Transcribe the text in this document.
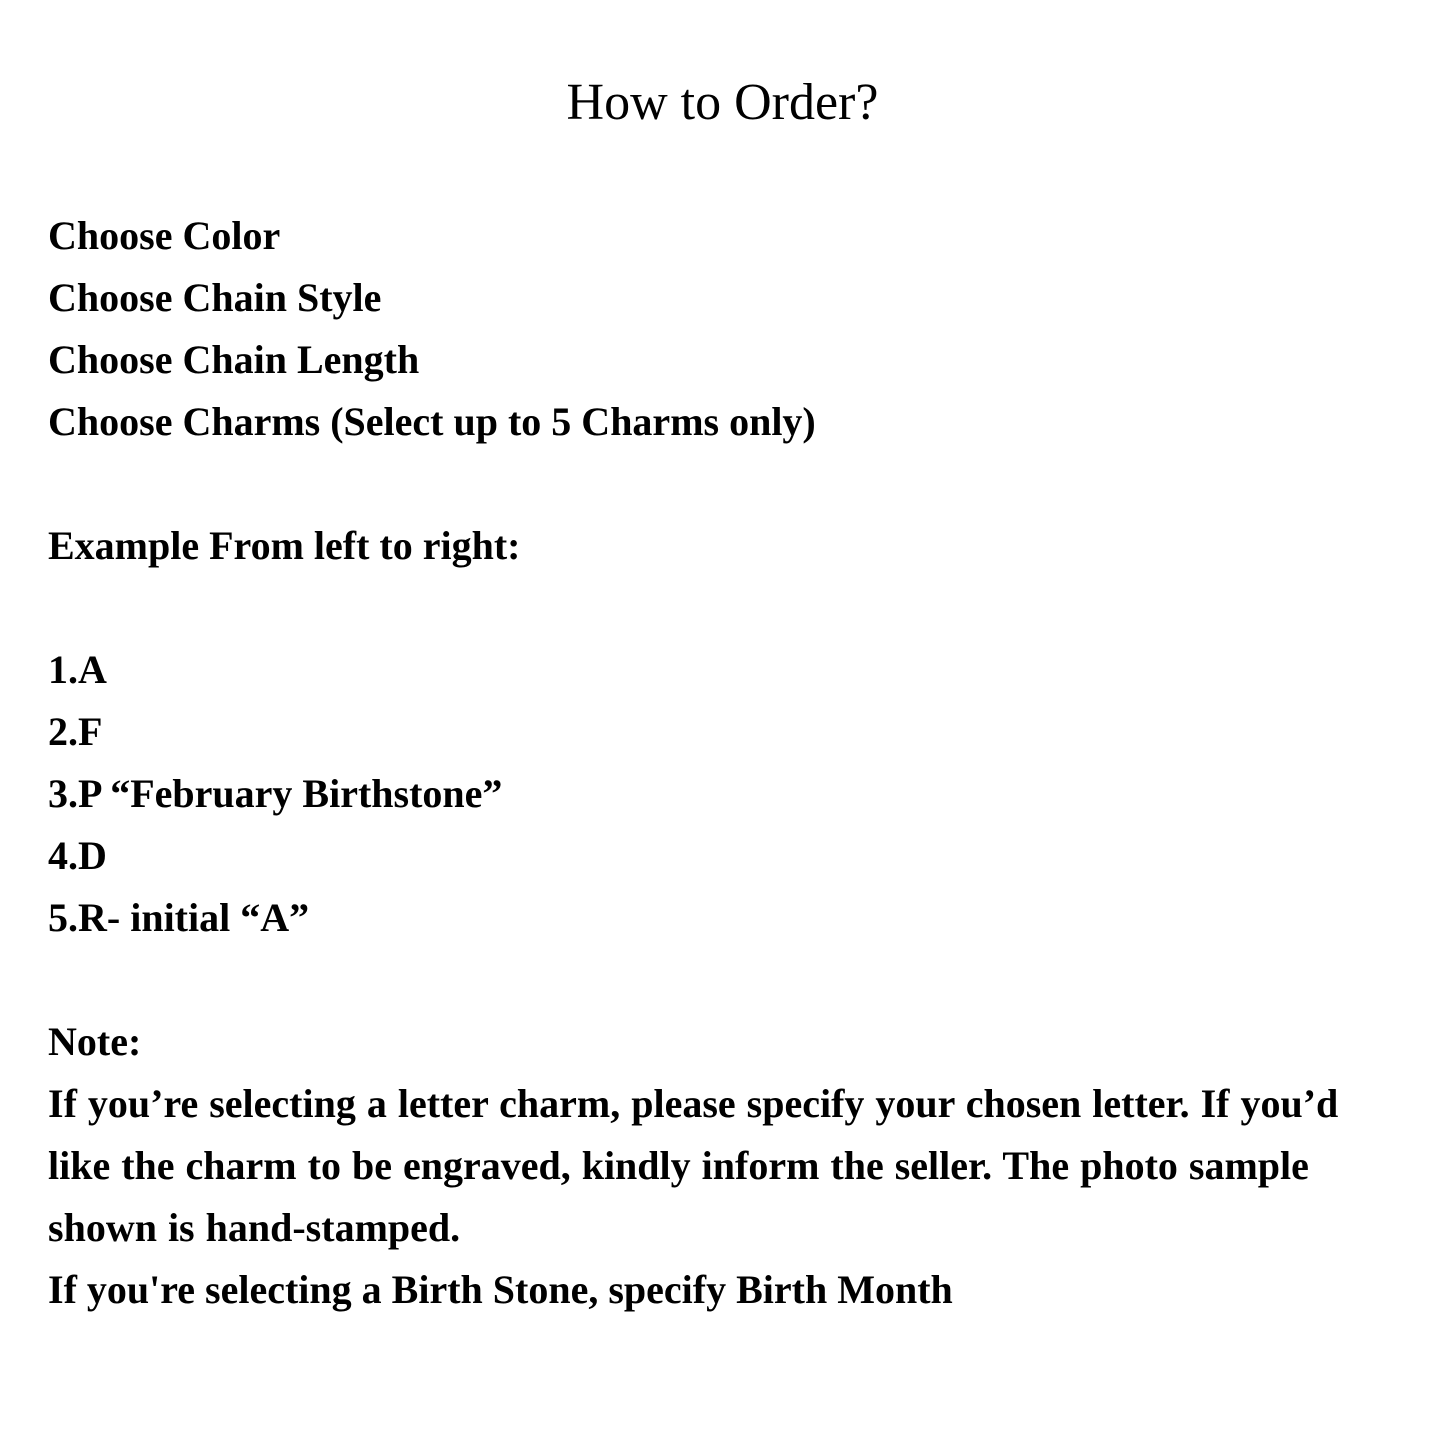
How to Order?
Choose Color
Choose Chain Style
Choose Chain Length
Choose Charms (Select up to 5 Charms only)
Example From left to right:
1.A
2.F
3.P “February Birthstone”
4.D
5.R- initial “A”
Note:
If you’re selecting a letter charm, please specify your chosen letter. If you’d like the charm to be engraved, kindly inform the seller. The photo sample shown is hand-stamped.
If you're selecting a Birth Stone, specify Birth Month
